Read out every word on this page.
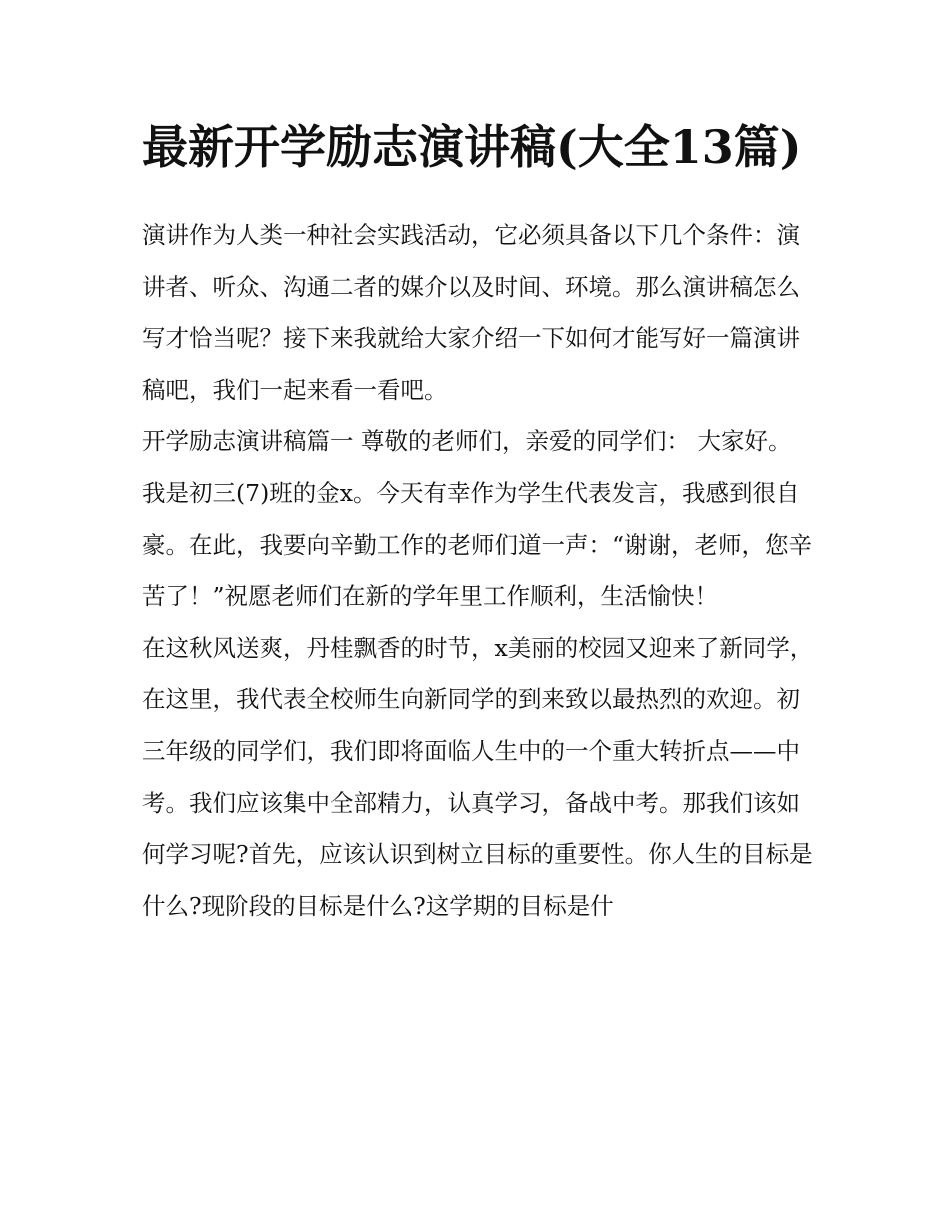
最新开学励志演讲稿(大全13篇)

演讲作为人类一种社会实践活动，它必须具备以下几个条件：演讲者、听众、沟通二者的媒介以及时间、环境。那么演讲稿怎么写才恰当呢？接下来我就给大家介绍一下如何才能写好一篇演讲稿吧，我们一起来看一看吧。

开学励志演讲稿篇一 尊敬的老师们，亲爱的同学们： 大家好。

我是初三(7)班的金x。今天有幸作为学生代表发言，我感到很自豪。在此，我要向辛勤工作的老师们道一声：“谢谢，老师，您辛苦了！”祝愿老师们在新的学年里工作顺利，生活愉快！

在这秋风送爽，丹桂飘香的时节，x美丽的校园又迎来了新同学，在这里，我代表全校师生向新同学的到来致以最热烈的欢迎。初三年级的同学们，我们即将面临人生中的一个重大转折点——中考。我们应该集中全部精力，认真学习，备战中考。那我们该如何学习呢?首先，应该认识到树立目标的重要性。你人生的目标是什么?现阶段的目标是什么?这学期的目标是什
